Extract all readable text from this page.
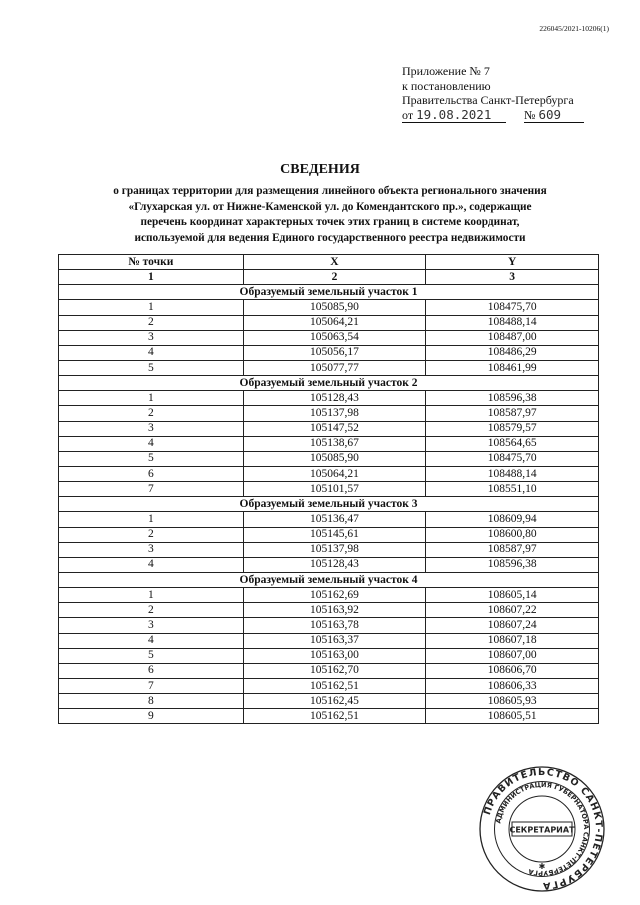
226045/2021-10206(1)
Приложение № 7
к постановлению
Правительства Санкт-Петербурга
от 19.08.2021	№ 609
СВЕДЕНИЯ
о границах территории для размещения линейного объекта регионального значения
«Глухарская ул. от Нижне-Каменской ул. до Комендантского пр.», содержащие
перечень координат характерных точек этих границ в системе координат,
используемой для ведения Единого государственного реестра недвижимости
№ точки	X	Y
1	2	3
Образуемый земельный участок 1		
1	105085,90	108475,70
2	105064,21	108488,14
3	105063,54	108487,00
4	105056,17	108486,29
5	105077,77	108461,99
Образуемый земельный участок 2		
1	105128,43	108596,38
2	105137,98	108587,97
3	105147,52	108579,57
4	105138,67	108564,65
5	105085,90	108475,70
6	105064,21	108488,14
7	105101,57	108551,10
Образуемый земельный участок 3		
1	105136,47	108609,94
2	105145,61	108600,80
3	105137,98	108587,97
4	105128,43	108596,38
Образуемый земельный участок 4		
1	105162,69	108605,14
2	105163,92	108607,22
3	105163,78	108607,24
4	105163,37	108607,18
5	105163,00	108607,00
6	105162,70	108606,70
7	105162,51	108606,33
8	105162,45	108605,93
9	105162,51	108605,51
ПРАВИТЕЛЬСТВО САНКТ-ПЕТЕРБУРГА
АДМИНИСТРАЦИЯ ГУБЕРНАТОРА САНКТ-ПЕТЕРБУРГА
СЕКРЕТАРИАТ
✱
